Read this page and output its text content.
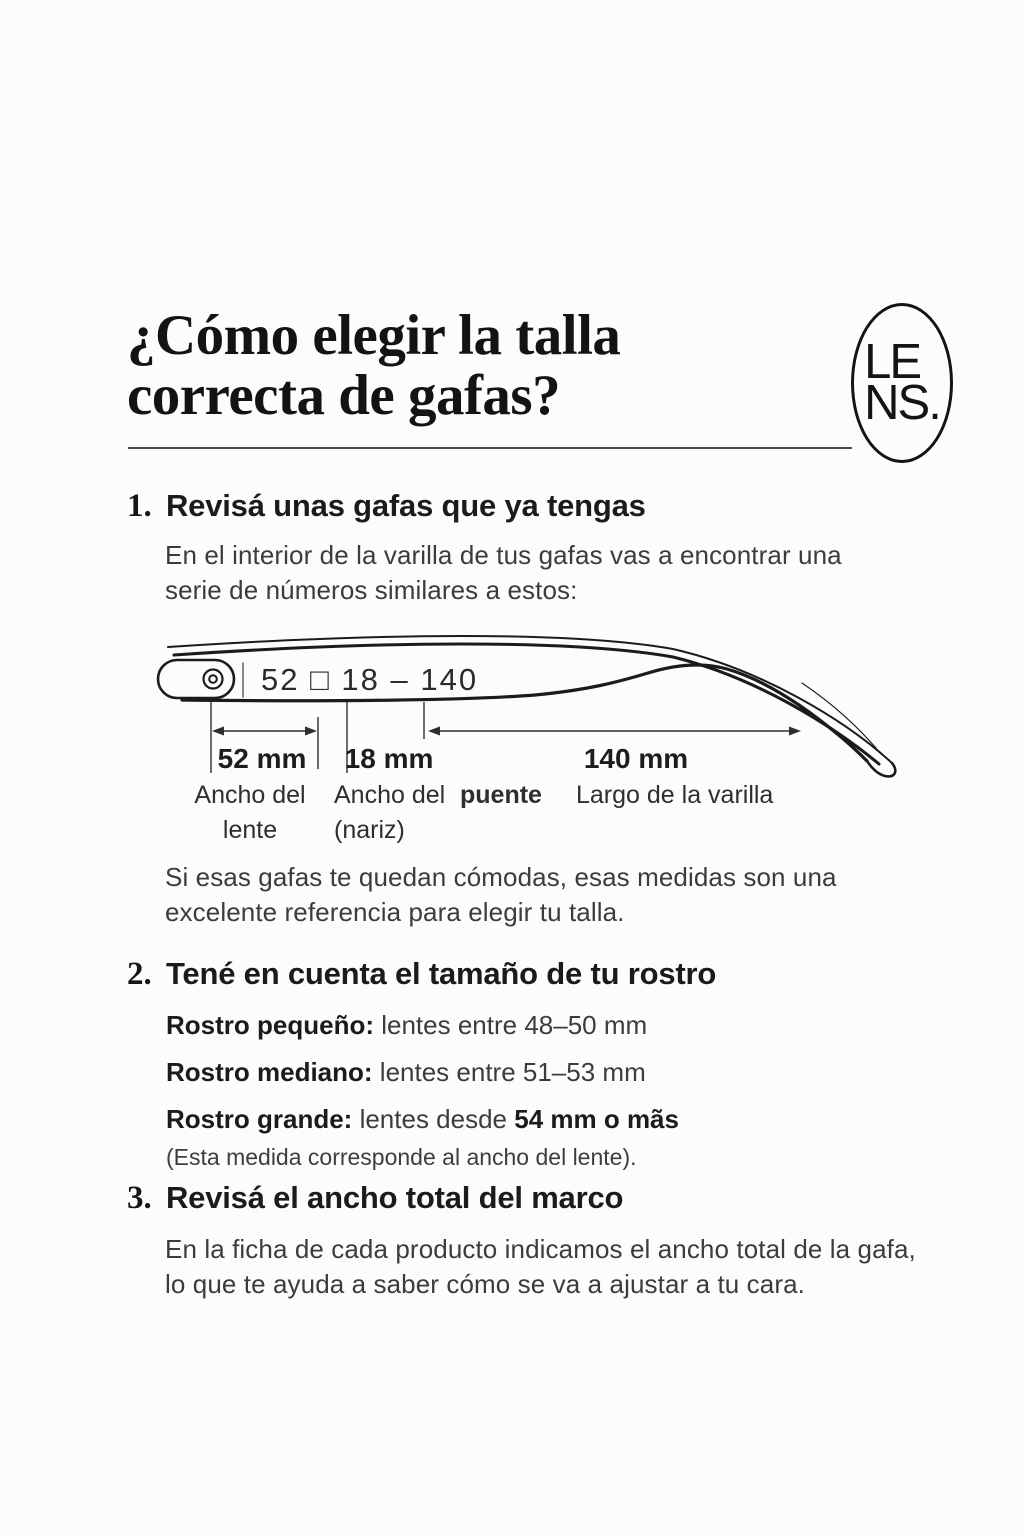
¿Cómo elegir la talla
correcta de gafas?
LE
NS.
1. Revisá unas gafas que ya tengas
En el interior de la varilla de tus gafas vas a encontrar una
serie de números similares a estos:
52 □ 18 – 140
52 mm 18 mm	140 mm
Ancho del
lente
Ancho del puente
(nariz)
Largo de la varilla
Si esas gafas te quedan cómodas, esas medidas son una
excelente referencia para elegir tu talla.
2. Tené en cuenta el tamaño de tu rostro
Rostro pequeño: lentes entre 48–50 mm
Rostro mediano: lentes entre 51–53 mm
Rostro grande: lentes desde 54 mm o mãs
(Esta medida corresponde al ancho del lente).
3. Revisá el ancho total del marco
En la ficha de cada producto indicamos el ancho total de la gafa,
lo que te ayuda a saber cómo se va a ajustar a tu cara.
